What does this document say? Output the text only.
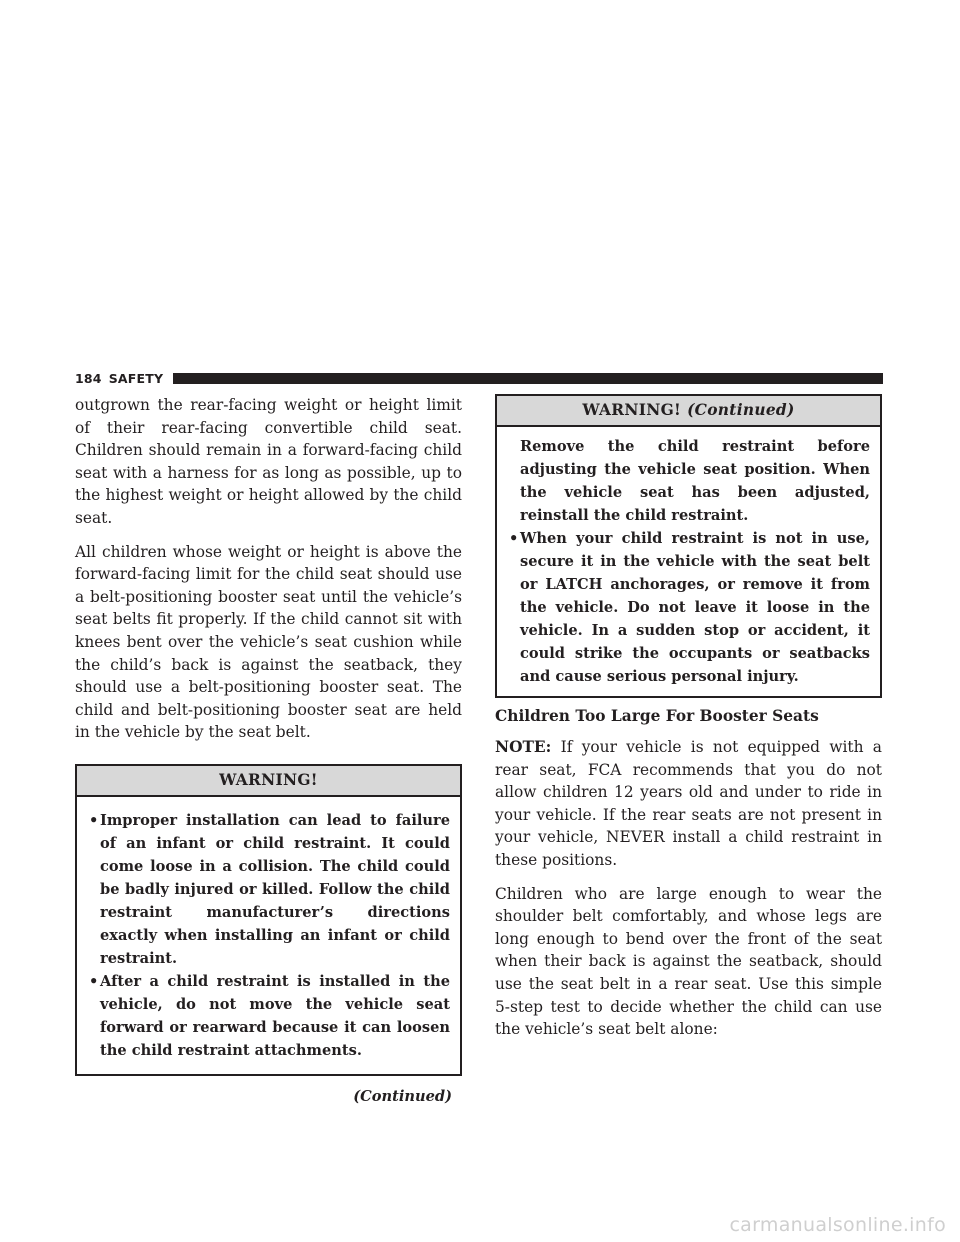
184 SAFETY

outgrown the rear-facing weight or height limit of their rear-facing convertible child seat. Children should remain in a forward-facing child seat with a harness for as long as possible, up to the highest weight or height allowed by the child seat.

All children whose weight or height is above the forward-facing limit for the child seat should use a belt-positioning booster seat until the vehicle’s seat belts fit properly. If the child cannot sit with knees bent over the vehicle’s seat cushion while the child’s back is against the seatback, they should use a belt-positioning booster seat. The child and belt-positioning booster seat are held in the vehicle by the seat belt.

WARNING!
• Improper installation can lead to failure of an infant or child restraint. It could come loose in a collision. The child could be badly injured or killed. Follow the child restraint manufacturer’s directions exactly when installing an infant or child restraint.
• After a child restraint is installed in the vehicle, do not move the vehicle seat forward or rearward because it can loosen the child restraint attachments.
(Continued)
WARNING! (Continued)
Remove the child restraint before adjusting the vehicle seat position. When the vehicle seat has been adjusted, reinstall the child restraint.
• When your child restraint is not in use, secure it in the vehicle with the seat belt or LATCH anchorages, or remove it from the vehicle. Do not leave it loose in the vehicle. In a sudden stop or accident, it could strike the occupants or seatbacks and cause serious personal injury.
Children Too Large For Booster Seats

NOTE: If your vehicle is not equipped with a rear seat, FCA recommends that you do not allow children 12 years old and under to ride in your vehicle. If the rear seats are not present in your vehicle, NEVER install a child restraint in these positions.

Children who are large enough to wear the shoulder belt comfortably, and whose legs are long enough to bend over the front of the seat when their back is against the seatback, should use the seat belt in a rear seat. Use this simple 5-step test to decide whether the child can use the vehicle’s seat belt alone:

carmanualsonline.info
